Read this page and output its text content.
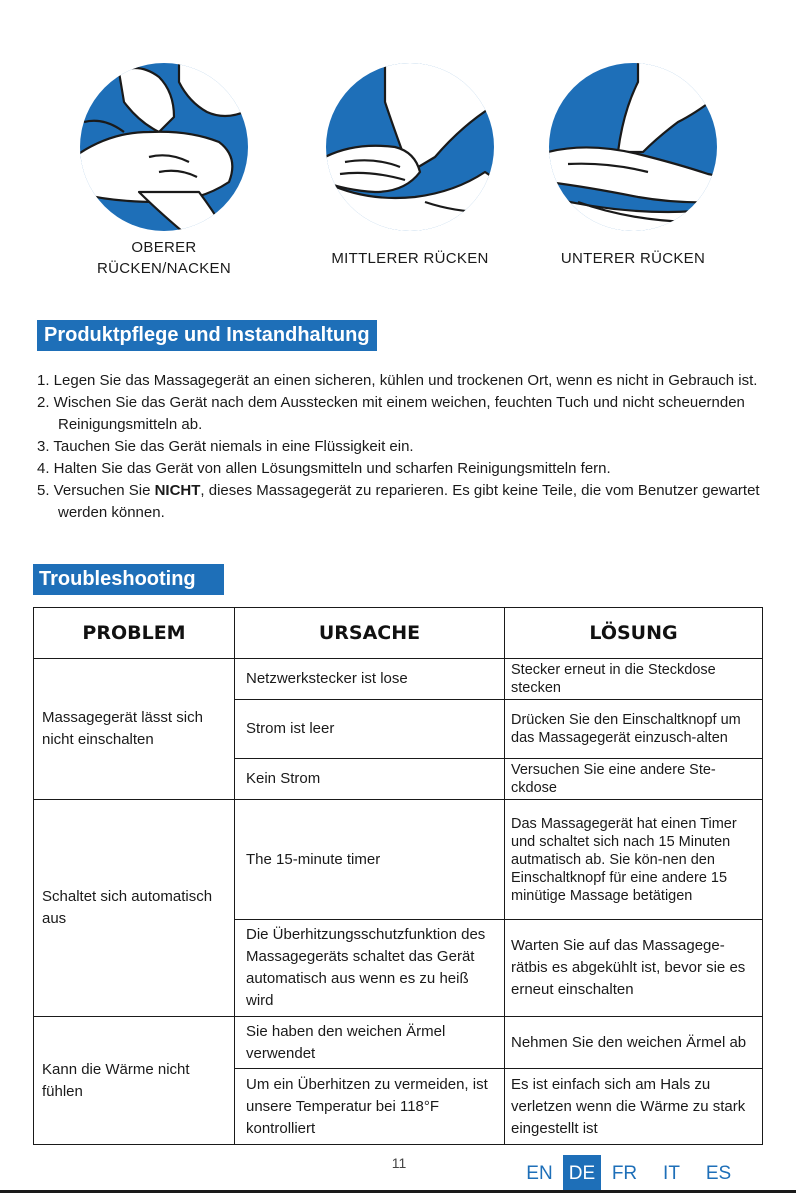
OBERER
RÜCKEN/NACKEN
MITTLERER RÜCKEN	UNTERER RÜCKEN
Produktpflege und Instandhaltung
1. Legen Sie das Massagegerät an einen sicheren, kühlen und trockenen Ort, wenn es nicht in Gebrauch ist.
2. Wischen Sie das Gerät nach dem Ausstecken mit einem weichen, feuchten Tuch und nicht scheuernden Reinigungsmitteln ab.
3. Tauchen Sie das Gerät niemals in eine Flüssigkeit ein.
4. Halten Sie das Gerät von allen Lösungsmitteln und scharfen Reinigungsmitteln fern.
5. Versuchen Sie NICHT, dieses Massagegerät zu reparieren. Es gibt keine Teile, die vom Benutzer gewartet werden können.
Troubleshooting
PROBLEM	URSACHE	LÖSUNG
Massagegerät lässt sich nicht einschalten	Netzwerkstecker ist lose	Stecker erneut in die Steckdose stecken
	Strom ist leer	Drücken Sie den Einschaltknopf um das Massagegerät einzusch-alten
	Kein Strom	Versuchen Sie eine andere Ste-ckdose
Schaltet sich automatisch aus	The 15-minute timer	Das Massagegerät hat einen Timer und schaltet sich nach 15 Minuten autmatisch ab. Sie kön-nen den Einschaltknopf für eine andere 15 minütige Massage betätigen
	Die Überhitzungsschutzfunktion des Massagegeräts schaltet das Gerät automatisch aus wenn es zu heiß wird	Warten Sie auf das Massagege-rätbis es abgekühlt ist, bevor sie es erneut einschalten
Kann die Wärme nicht fühlen	Sie haben den weichen Ärmel verwendet	Nehmen Sie den weichen Ärmel ab
	Um ein Überhitzen zu vermeiden, ist unsere Temperatur bei 118°F kontrolliert	Es ist einfach sich am Hals zu verletzen wenn die Wärme zu stark eingestellt ist
11	EN DE FR	IT	ES
